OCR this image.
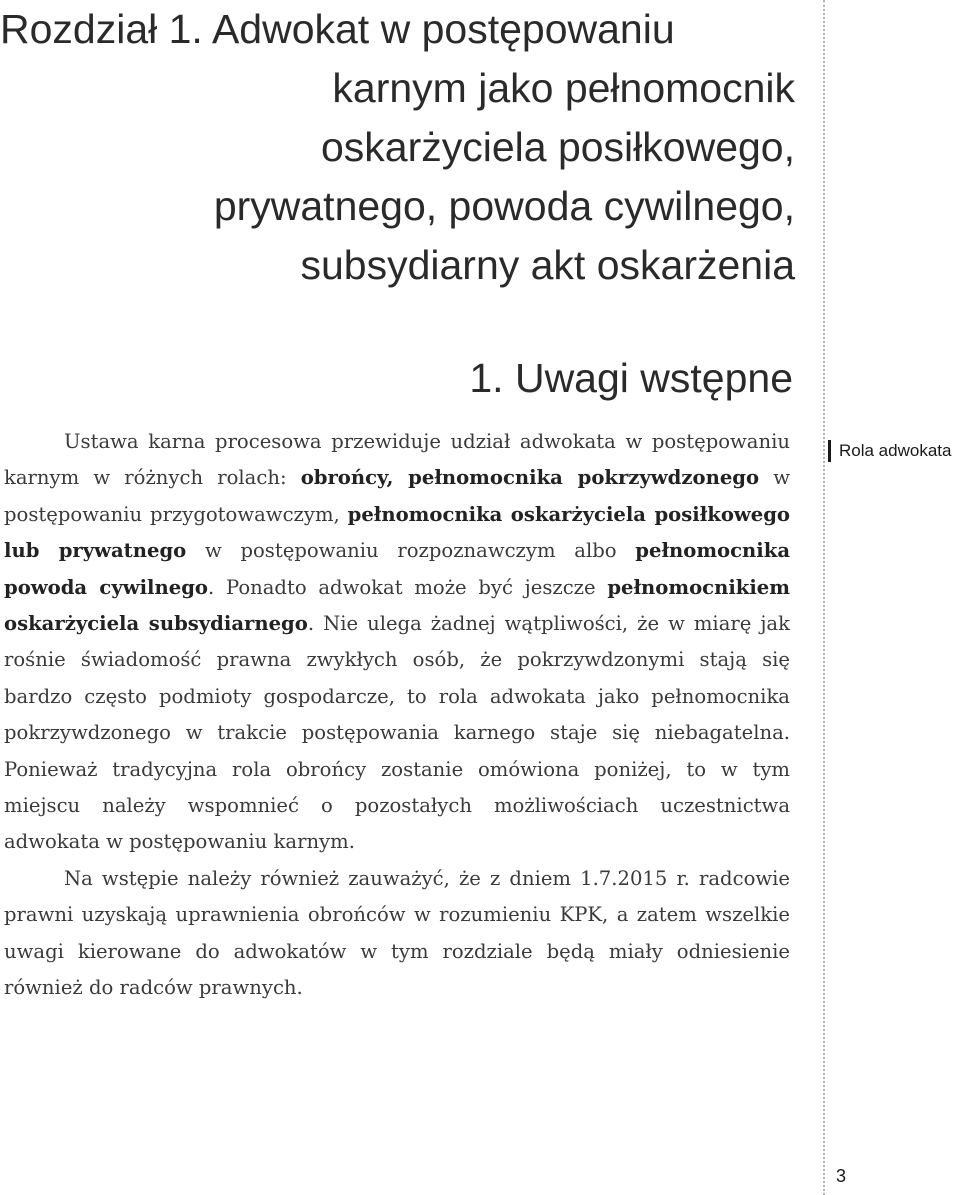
Rozdział 1. Adwokat w postępowaniu
karnym jako pełnomocnik
oskarżyciela posiłkowego,
prywatnego, powoda cywilnego,
subsydiarny akt oskarżenia
1. Uwagi wstępne

Ustawa karna procesowa przewiduje udział adwokata w postępowaniu karnym w różnych rolach: obrońcy, pełnomocnika pokrzywdzonego w postępowaniu przygotowawczym, pełnomocnika oskarżyciela posiłkowego lub prywatnego w postępowaniu rozpoznawczym albo pełnomocnika powoda cywilnego. Ponadto adwokat może być jeszcze pełnomocnikiem oskarżyciela subsydiarnego. Nie ulega żadnej wątpliwości, że w miarę jak rośnie świadomość prawna zwykłych osób, że pokrzywdzonymi stają się bardzo często podmioty gospodarcze, to rola adwokata jako pełnomocnika pokrzywdzonego w trakcie postępowania karnego staje się niebagatelna. Ponieważ tradycyjna rola obrońcy zostanie omówiona poniżej, to w tym miejscu należy wspomnieć o pozostałych możliwościach uczestnictwa adwokata w postępowaniu karnym.

Na wstępie należy również zauważyć, że z dniem 1.7.2015 r. radcowie prawni uzyskają uprawnienia obrońców w rozumieniu KPK, a zatem wszelkie uwagi kierowane do adwokatów w tym rozdziale będą miały odniesienie również do radców prawnych.

Rola adwokata
3
